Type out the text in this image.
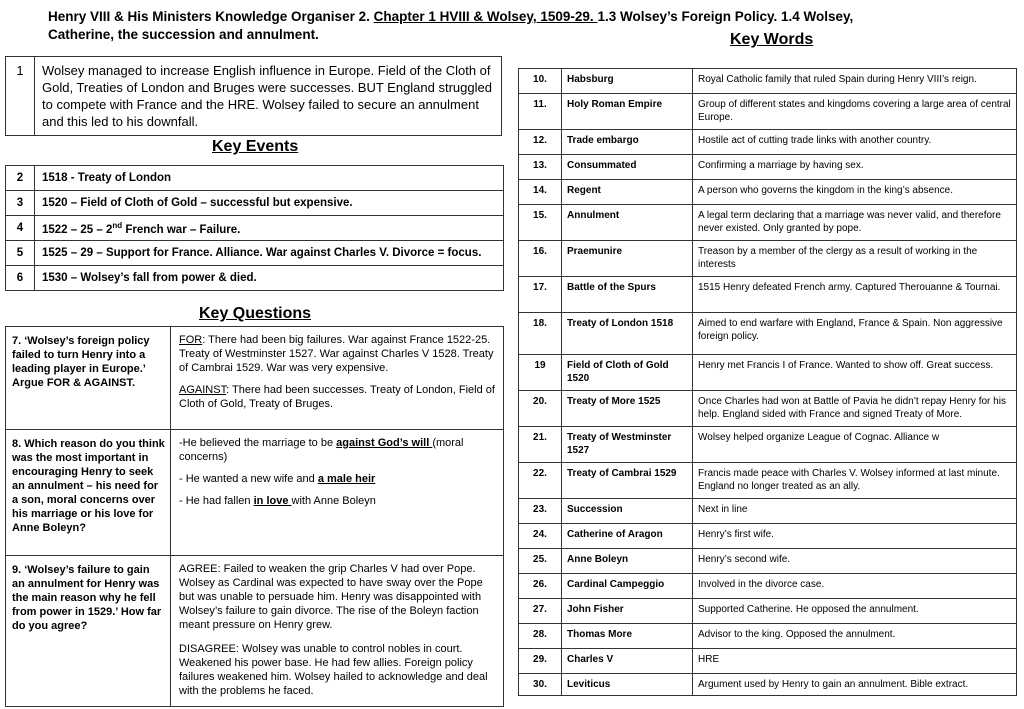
Henry VIII & His Ministers Knowledge Organiser 2. Chapter 1 HVIII & Wolsey, 1509-29. 1.3 Wolsey’s Foreign Policy. 1.4 Wolsey,
Catherine, the succession and annulment.	Key Words
Key Events
Key Questions
1	Wolsey managed to increase English influence in Europe. Field of the Cloth of Gold, Treaties of London and Bruges were successes. BUT England struggled to compete with France and the HRE. Wolsey failed to secure an annulment and this led to his downfall.
2	1518 - Treaty of London
3	1520 – Field of Cloth of Gold – successful but expensive.
4	1522 – 25 – 2nd French war – Failure.
5	1525 – 29 – Support for France. Alliance. War against Charles V. Divorce = focus.
6	1530 – Wolsey’s fall from power & died.
7. ‘Wolsey’s foreign policy failed to turn Henry into a leading player in Europe.’ Argue FOR & AGAINST.	FOR: There had been big failures. War against France 1522-25. Treaty of Westminster 1527. War against Charles V 1528. Treaty of Cambrai 1529. War was very expensive.

AGAINST: There had been successes. Treaty of London, Field of Cloth of Gold, Treaty of Bruges.

8. Which reason do you think was the most important in encouraging Henry to seek an annulment – his need for a son, moral concerns over his marriage or his love for Anne Boleyn?	-He believed the marriage to be against God’s will (moral concerns)

- He wanted a new wife and a male heir

- He had fallen in love with Anne Boleyn

9. ‘Wolsey’s failure to gain an annulment for Henry was the main reason why he fell from power in 1529.’ How far do you agree?	AGREE: Failed to weaken the grip Charles V had over Pope. Wolsey as Cardinal was expected to have sway over the Pope but was unable to persuade him. Henry was disappointed with Wolsey’s failure to gain divorce. The rise of the Boleyn faction meant pressure on Henry grew.

DISAGREE: Wolsey was unable to control nobles in court. Weakened his power base. He had few allies. Foreign policy failures weakened him. Wolsey hailed to acknowledge and deal with the problems he faced.

10.	Habsburg	Royal Catholic family that ruled Spain during Henry VIII’s reign.
11.	Holy Roman Empire	Group of different states and kingdoms covering a large area of central Europe.
12.	Trade embargo	Hostile act of cutting trade links with another country.
13.	Consummated	Confirming a marriage by having sex.
14.	Regent	A person who governs the kingdom in the king’s absence.
15.	Annulment	A legal term declaring that a marriage was never valid, and therefore never existed. Only granted by pope.
16.	Praemunire	Treason by a member of the clergy as a result of working in the interests
17.	Battle of the Spurs	1515 Henry defeated French army. Captured Therouanne & Tournai.
18.	Treaty of London 1518	Aimed to end warfare with England, France & Spain. Non aggressive foreign policy.
19	Field of Cloth of Gold 1520	Henry met Francis I of France. Wanted to show off. Great success.
20.	Treaty of More 1525	Once Charles had won at Battle of Pavia he didn’t repay Henry for his help. England sided with France and signed Treaty of More.
21.	Treaty of Westminster 1527	Wolsey helped organize League of Cognac. Alliance w
22.	Treaty of Cambrai 1529	Francis made peace with Charles V. Wolsey informed at last minute. England no longer treated as an ally.
23.	Succession	Next in line
24.	Catherine of Aragon	Henry’s first wife.
25.	Anne Boleyn	Henry’s second wife.
26.	Cardinal Campeggio	Involved in the divorce case.
27.	John Fisher	Supported Catherine. He opposed the annulment.
28.	Thomas More	Advisor to the king. Opposed the annulment.
29.	Charles V	HRE
30.	Leviticus	Argument used by Henry to gain an annulment. Bible extract.
